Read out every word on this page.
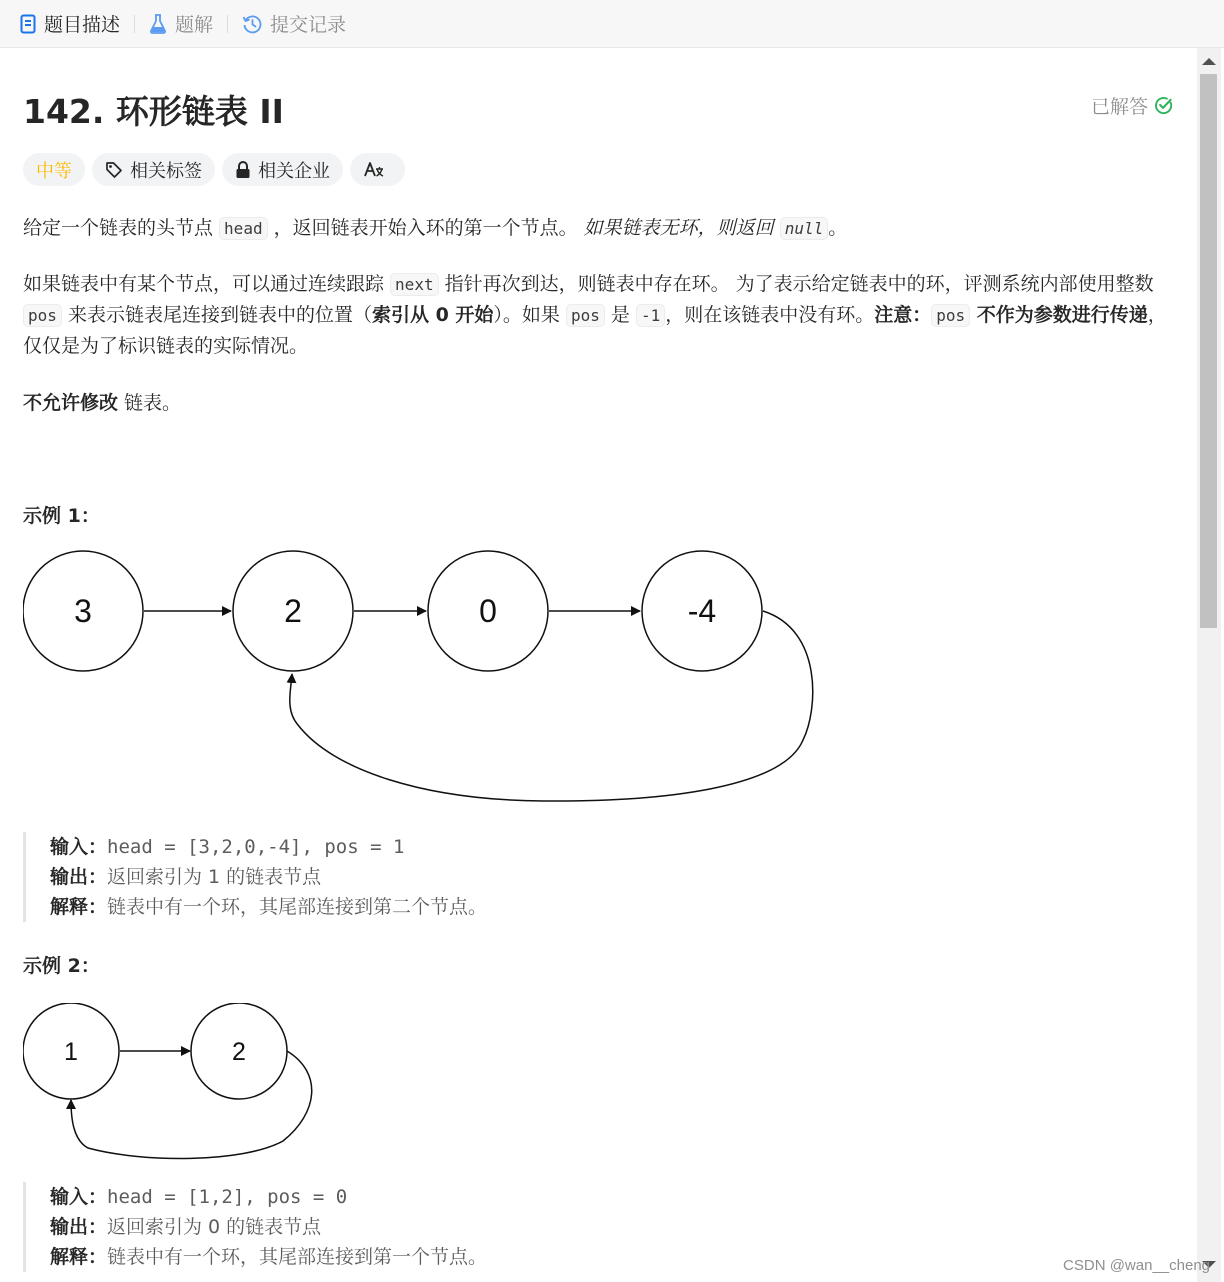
题目描述	题解	提交记录
142. 环形链表 II	已解答
中等	相关标签	相关企业
给定一个链表的头节点 head ，返回链表开始入环的第一个节点。 如果链表无环，则返回 null 。
如果链表中有某个节点，可以通过连续跟踪 next 指针再次到达，则链表中存在环。 为了表示给定链表中的环，评测系统内部使用整数 pos 来表示链表尾连接到链表中的位置（索引从 0 开始）。如果 pos 是 -1 ，则在该链表中没有环。注意： pos 不作为参数进行传递，仅仅是为了标识链表的实际情况。
不允许修改 链表。
示例 1：
3	2	0	-4
输入：head = [3,2,0,-4], pos = 1
输出：返回索引为 1 的链表节点
解释：链表中有一个环，其尾部连接到第二个节点。
示例 2：
1	2
输入：head = [1,2], pos = 0
输出：返回索引为 0 的链表节点
解释：链表中有一个环，其尾部连接到第一个节点。	CSDN @wan__cheng
